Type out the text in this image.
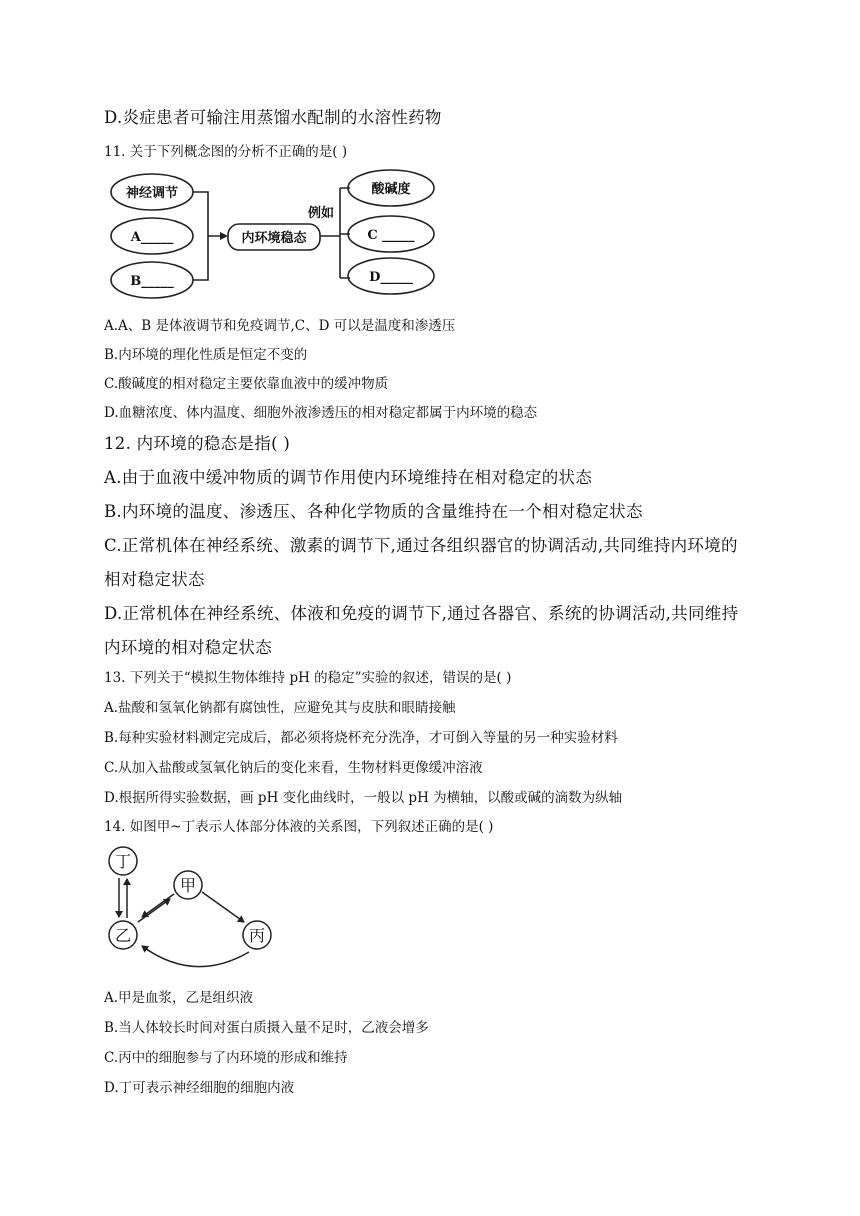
D.炎症患者可输注用蒸馏水配制的水溶性药物
11. 关于下列概念图的分析不正确的是( )
神经调节
A_____
B_____
内环境稳态
例如
酸碱度
C _____
D_____
A.A、B 是体液调节和免疫调节,C、D 可以是温度和渗透压
B.内环境的理化性质是恒定不变的
C.酸碱度的相对稳定主要依靠血液中的缓冲物质
D.血糖浓度、体内温度、细胞外液渗透压的相对稳定都属于内环境的稳态
12. 内环境的稳态是指( )
A.由于血液中缓冲物质的调节作用使内环境维持在相对稳定的状态
B.内环境的温度、渗透压、各种化学物质的含量维持在一个相对稳定状态
C.正常机体在神经系统、激素的调节下,通过各组织器官的协调活动,共同维持内环境的
相对稳定状态
D.正常机体在神经系统、体液和免疫的调节下,通过各器官、系统的协调活动,共同维持
内环境的相对稳定状态
13. 下列关于“模拟生物体维持 pH 的稳定”实验的叙述，错误的是( )
A.盐酸和氢氧化钠都有腐蚀性，应避免其与皮肤和眼睛接触
B.每种实验材料测定完成后，都必须将烧杯充分洗净，才可倒入等量的另一种实验材料
C.从加入盐酸或氢氧化钠后的变化来看，生物材料更像缓冲溶液
D.根据所得实验数据，画 pH 变化曲线时，一般以 pH 为横轴，以酸或碱的滴数为纵轴
14. 如图甲~丁表示人体部分体液的关系图，下列叙述正确的是( )
丁
甲
乙	丙
A.甲是血浆，乙是组织液
B.当人体较长时间对蛋白质摄入量不足时，乙液会增多
C.丙中的细胞参与了内环境的形成和维持
D.丁可表示神经细胞的细胞内液
